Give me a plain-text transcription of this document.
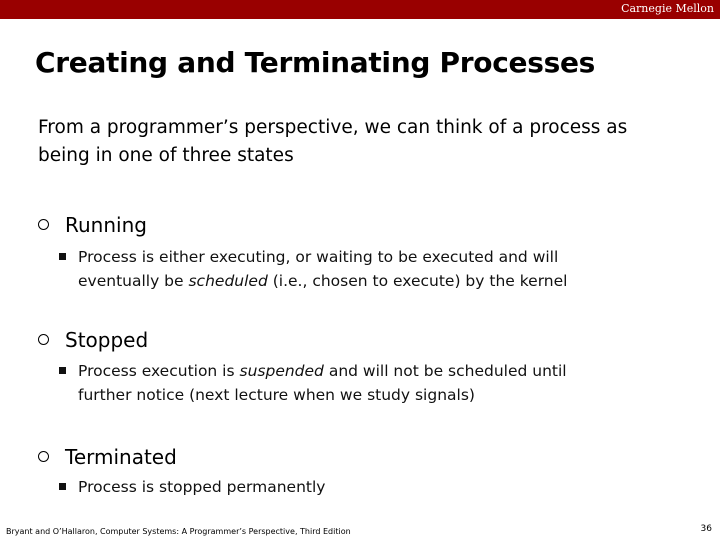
Carnegie Mellon
Creating and Terminating Processes
From a programmer’s perspective, we can think of a process as being in one of three states
Running
Process is either executing, or waiting to be executed and will eventually be scheduled (i.e., chosen to execute) by the kernel
Stopped
Process execution is suspended and will not be scheduled until further notice (next lecture when we study signals)
Terminated
Process is stopped permanently
Bryant and O’Hallaron, Computer Systems: A Programmer’s Perspective, Third Edition	36
